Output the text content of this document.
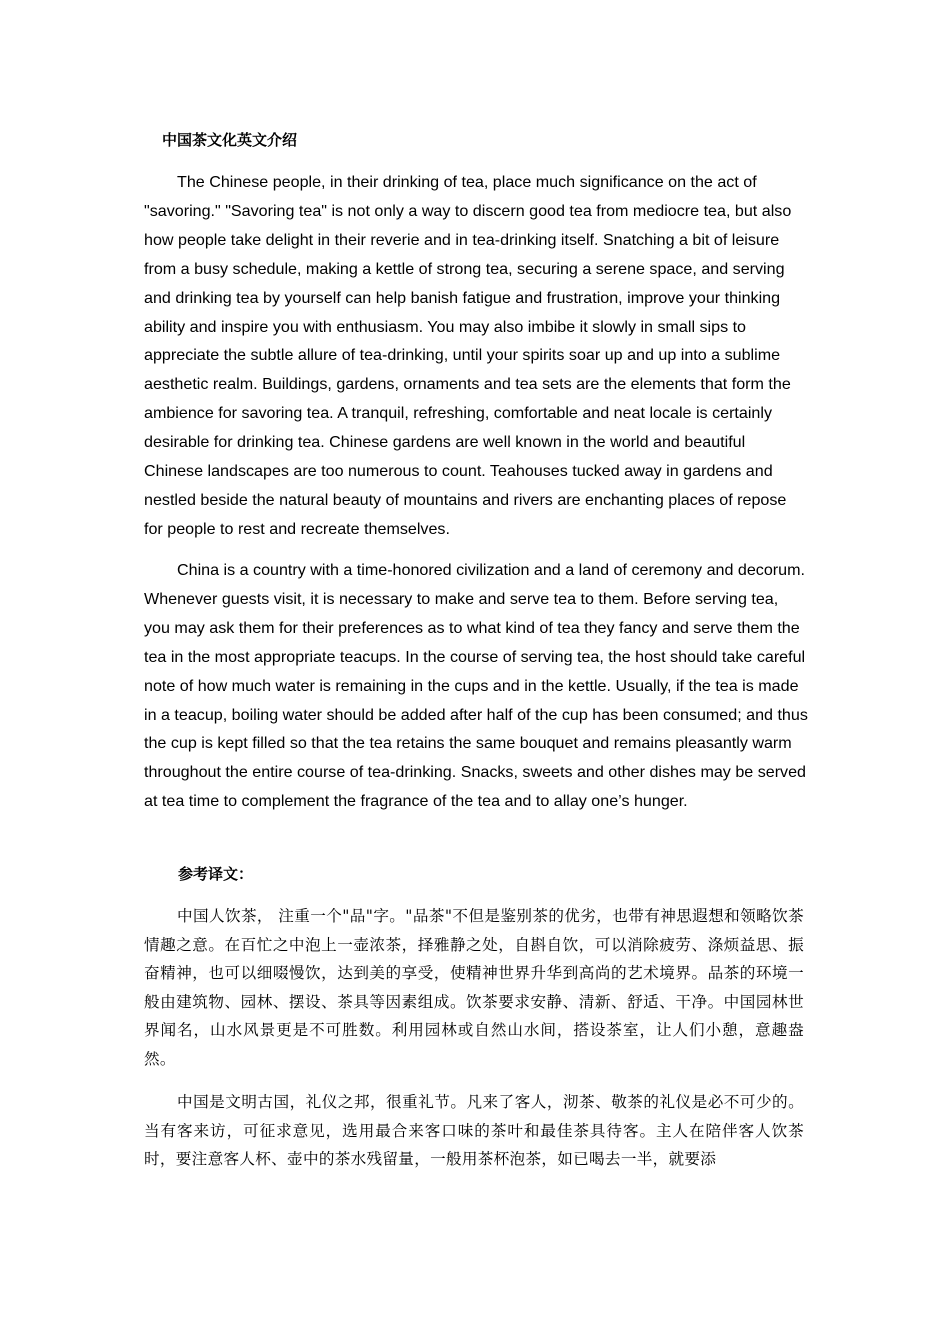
中国茶文化英文介绍

The Chinese people, in their drinking of tea, place much significance on the act of "savoring." "Savoring tea" is not only a way to discern good tea from mediocre tea, but also how people take delight in their reverie and in tea-drinking itself. Snatching a bit of leisure from a busy schedule, making a kettle of strong tea, securing a serene space, and serving and drinking tea by yourself can help banish fatigue and frustration, improve your thinking ability and inspire you with enthusiasm. You may also imbibe it slowly in small sips to appreciate the subtle allure of tea-drinking, until your spirits soar up and up into a sublime aesthetic realm. Buildings, gardens, ornaments and tea sets are the elements that form the ambience for savoring tea. A tranquil, refreshing, comfortable and neat locale is certainly desirable for drinking tea. Chinese gardens are well known in the world and beautiful Chinese landscapes are too numerous to count. Teahouses tucked away in gardens and nestled beside the natural beauty of mountains and rivers are enchanting places of repose for people to rest and recreate themselves.

China is a country with a time-honored civilization and a land of ceremony and decorum. Whenever guests visit, it is necessary to make and serve tea to them. Before serving tea, you may ask them for their preferences as to what kind of tea they fancy and serve them the tea in the most appropriate teacups. In the course of serving tea, the host should take careful note of how much water is remaining in the cups and in the kettle. Usually, if the tea is made in a teacup, boiling water should be added after half of the cup has been consumed; and thus the cup is kept filled so that the tea retains the same bouquet and remains pleasantly warm throughout the entire course of tea-drinking. Snacks, sweets and other dishes may be served at tea time to complement the fragrance of the tea and to allay one’s hunger.

参考译文：

中国人饮茶， 注重一个"品"字。"品茶"不但是鉴别茶的优劣，也带有神思遐想和领略饮茶情趣之意。在百忙之中泡上一壶浓茶，择雅静之处，自斟自饮，可以消除疲劳、涤烦益思、振奋精神，也可以细啜慢饮，达到美的享受，使精神世界升华到高尚的艺术境界。品茶的环境一般由建筑物、园林、摆设、茶具等因素组成。饮茶要求安静、清新、舒适、干净。中国园林世界闻名，山水风景更是不可胜数。利用园林或自然山水间，搭设茶室，让人们小憩，意趣盎然。

中国是文明古国，礼仪之邦，很重礼节。凡来了客人，沏茶、敬茶的礼仪是必不可少的。当有客来访，可征求意见，选用最合来客口味的茶叶和最佳茶具待客。主人在陪伴客人饮茶时，要注意客人杯、壶中的茶水残留量，一般用茶杯泡茶，如已喝去一半，就要添
